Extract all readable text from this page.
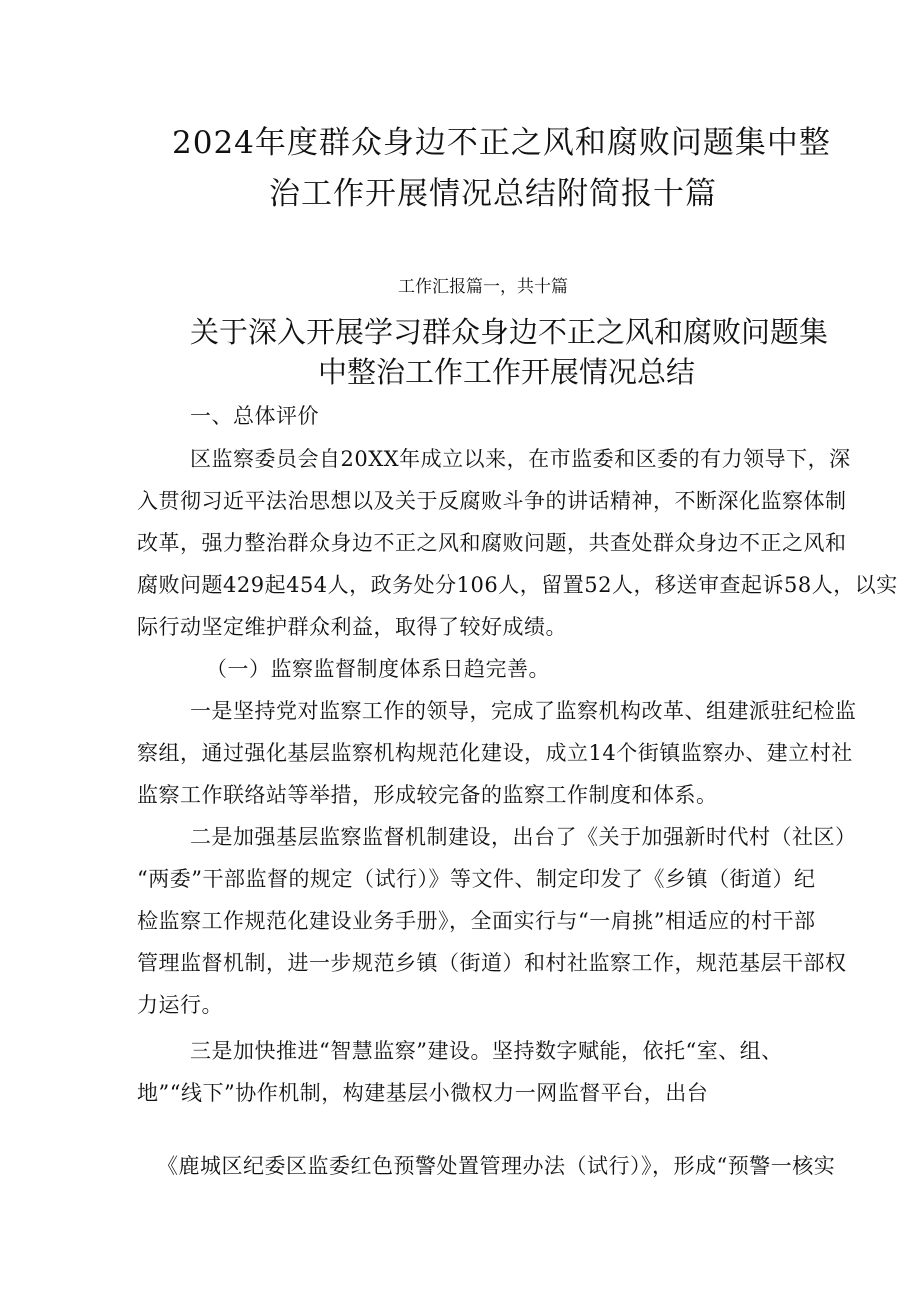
2024年度群众身边不正之风和腐败问题集中整
治工作开展情况总结附简报十篇
工作汇报篇一，共十篇
关于深入开展学习群众身边不正之风和腐败问题集
中整治工作工作开展情况总结
一、总体评价
区监察委员会自20XX年成立以来，在市监委和区委的有力领导下，深
入贯彻习近平法治思想以及关于反腐败斗争的讲话精神，不断深化监察体制
改革，强力整治群众身边不正之风和腐败问题，共查处群众身边不正之风和
腐败问题429起454人，政务处分106人，留置52人，移送审查起诉58人，以实
际行动坚定维护群众利益，取得了较好成绩。
（一）监察监督制度体系日趋完善。
一是坚持党对监察工作的领导，完成了监察机构改革、组建派驻纪检监
察组，通过强化基层监察机构规范化建设，成立14个街镇监察办、建立村社
监察工作联络站等举措，形成较完备的监察工作制度和体系。
二是加强基层监察监督机制建设，出台了《关于加强新时代村（社区）
“两委”干部监督的规定（试行）》等文件、制定印发了《乡镇（街道）纪
检监察工作规范化建设业务手册》，全面实行与“一肩挑”相适应的村干部
管理监督机制，进一步规范乡镇（街道）和村社监察工作，规范基层干部权
力运行。
三是加快推进“智慧监察”建设。坚持数字赋能，依托“室、组、
地”“线下”协作机制，构建基层小微权力一网监督平台，出台
《鹿城区纪委区监委红色预警处置管理办法（试行）》，形成“预警一核实
